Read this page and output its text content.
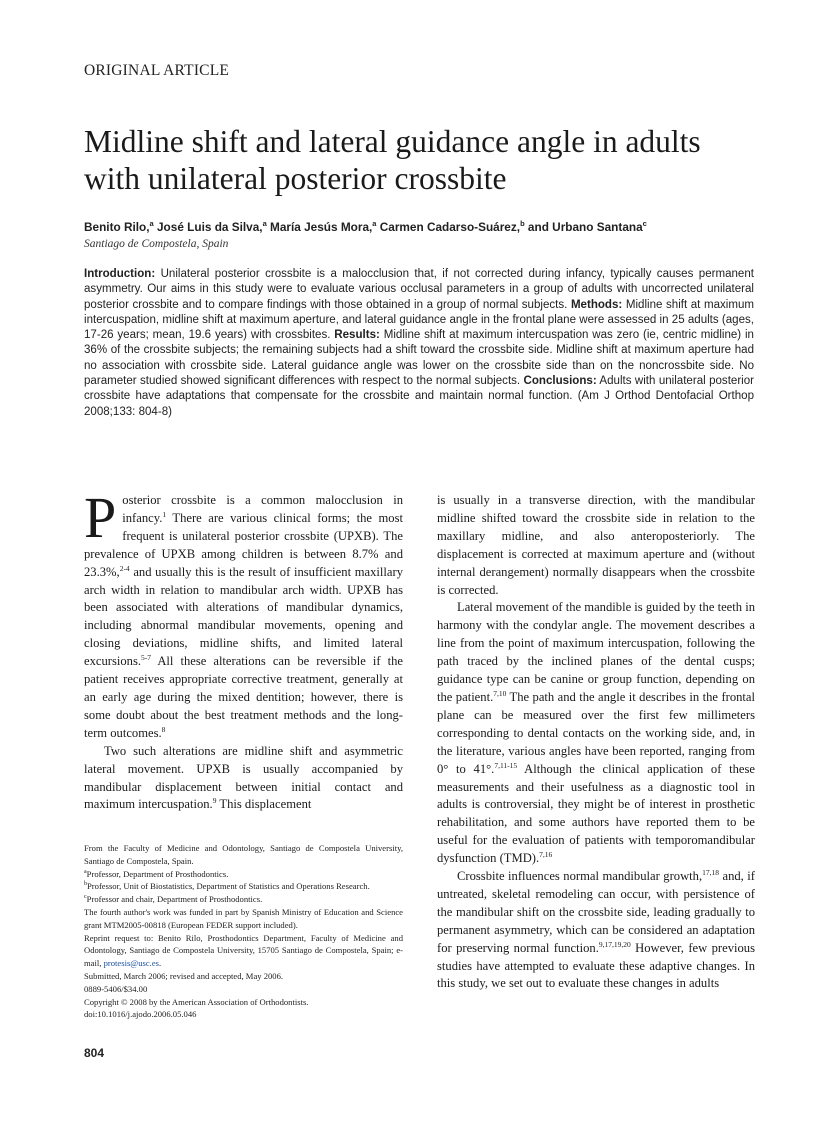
ORIGINAL ARTICLE
Midline shift and lateral guidance angle in adults with unilateral posterior crossbite
Benito Rilo,$^a$ José Luis da Silva,$^a$ María Jesús Mora,$^a$ Carmen Cadarso-Suárez,$^b$ and Urbano Santana$^c$
Santiago de Compostela, Spain

Introduction: Unilateral posterior crossbite is a malocclusion that, if not corrected during infancy, typically causes permanent asymmetry. Our aims in this study were to evaluate various occlusal parameters in a group of adults with uncorrected unilateral posterior crossbite and to compare findings with those obtained in a group of normal subjects. Methods: Midline shift at maximum intercuspation, midline shift at maximum aperture, and lateral guidance angle in the frontal plane were assessed in 25 adults (ages, 17-26 years; mean, 19.6 years) with crossbites. Results: Midline shift at maximum intercuspation was zero (ie, centric midline) in 36% of the crossbite subjects; the remaining subjects had a shift toward the crossbite side. Midline shift at maximum aperture had no association with crossbite side. Lateral guidance angle was lower on the crossbite side than on the noncrossbite side. No parameter studied showed significant differences with respect to the normal subjects. Conclusions: Adults with unilateral posterior crossbite have adaptations that compensate for the crossbite and maintain normal function. (Am J Orthod Dentofacial Orthop 2008;133: 804-8)

Posterior crossbite is a common malocclusion in infancy.$^1$ There are various clinical forms; the most frequent is unilateral posterior crossbite (UPXB). The prevalence of UPXB among children is between 8.7% and 23.3%,$^{2-4}$ and usually this is the result of insufficient maxillary arch width in relation to mandibular arch width. UPXB has been associated with alterations of mandibular dynamics, including abnormal mandibular movements, opening and closing deviations, midline shifts, and limited lateral excursions.$^{5-7}$ All these alterations can be reversible if the patient receives appropriate corrective treatment, generally at an early age during the mixed dentition; however, there is some doubt about the best treatment methods and the long-term outcomes.$^8$

Two such alterations are midline shift and asymmetric lateral movement. UPXB is usually accompanied by mandibular displacement between initial contact and maximum intercuspation.$^9$ This displacement

is usually in a transverse direction, with the mandibular midline shifted toward the crossbite side in relation to the maxillary midline, and also anteroposteriorly. The displacement is corrected at maximum aperture and (without internal derangement) normally disappears when the crossbite is corrected.

Lateral movement of the mandible is guided by the teeth in harmony with the condylar angle. The movement describes a line from the point of maximum intercuspation, following the path traced by the inclined planes of the dental cusps; guidance type can be canine or group function, depending on the patient.$^{7,10}$ The path and the angle it describes in the frontal plane can be measured over the first few millimeters corresponding to dental contacts on the working side, and, in the literature, various angles have been reported, ranging from 0° to 41°.$^{7,11-15}$ Although the clinical application of these measurements and their usefulness as a diagnostic tool in adults is controversial, they might be of interest in prosthetic rehabilitation, and some authors have reported them to be useful for the evaluation of patients with temporomandibular dysfunction (TMD).$^{7,16}$

Crossbite influences normal mandibular growth,$^{17,18}$ and, if untreated, skeletal remodeling can occur, with persistence of the mandibular shift on the crossbite side, leading gradually to permanent asymmetry, which can be considered an adaptation for preserving normal function.$^{9,17,19,20}$ However, few previous studies have attempted to evaluate these adaptive changes. In this study, we set out to evaluate these changes in adults

From the Faculty of Medicine and Odontology, Santiago de Compostela University, Santiago de Compostela, Spain.

$^a$Professor, Department of Prosthodontics.

$^b$Professor, Unit of Biostatistics, Department of Statistics and Operations Research.

$^c$Professor and chair, Department of Prosthodontics.

The fourth author's work was funded in part by Spanish Ministry of Education and Science grant MTM2005-00818 (European FEDER support included).

Reprint request to: Benito Rilo, Prosthodontics Department, Faculty of Medicine and Odontology, Santiago de Compostela University, 15705 Santiago de Compostela, Spain; e-mail, protesis@usc.es.

Submitted, March 2006; revised and accepted, May 2006.

0889-5406/$34.00

Copyright © 2008 by the American Association of Orthodontists.

doi:10.1016/j.ajodo.2006.05.046

804
